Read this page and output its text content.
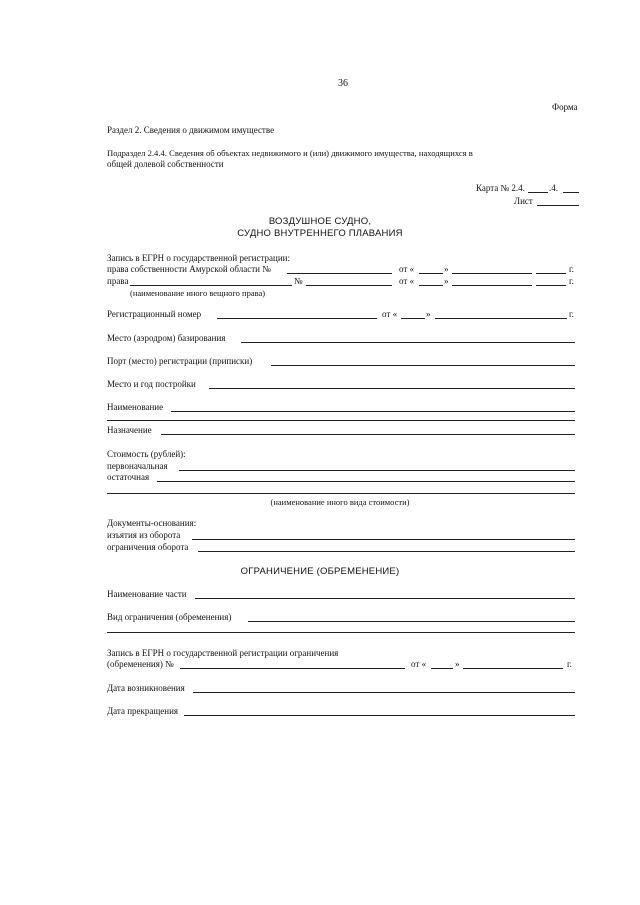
36
Форма
Раздел 2. Сведения о движимом имуществе
Подраздел 2.4.4. Сведения об объектах недвижимого и (или) движимого имущества, находящихся в
общей долевой собственности
Карта № 2.4.	.4.
Лист
ВОЗДУШНОЕ СУДНО,
СУДНО ВНУТРЕННЕГО ПЛАВАНИЯ
Запись в ЕГРН о государственной регистрации:
права собственности Амурской области №	от «	»	г.
права	№	от «	»	г.
(наименование иного вещного права)
Регистрационный номер	от «	»	г.
Место (аэродром) базирования
Порт (место) регистрации (приписки)
Место и год постройки
Наименование
Назначение
Стоимость (рублей):
первоначальная
остаточная
(наименование иного вида стоимости)
Документы-основания:
изъятия из оборота
ограничения оборота
ОГРАНИЧЕНИЕ (ОБРЕМЕНЕНИЕ)
Наименование части
Вид ограничения (обременения)
Запись в ЕГРН о государственной регистрации ограничения
(обременения) №	от «	»	г.
Дата возникновения
Дата прекращения
